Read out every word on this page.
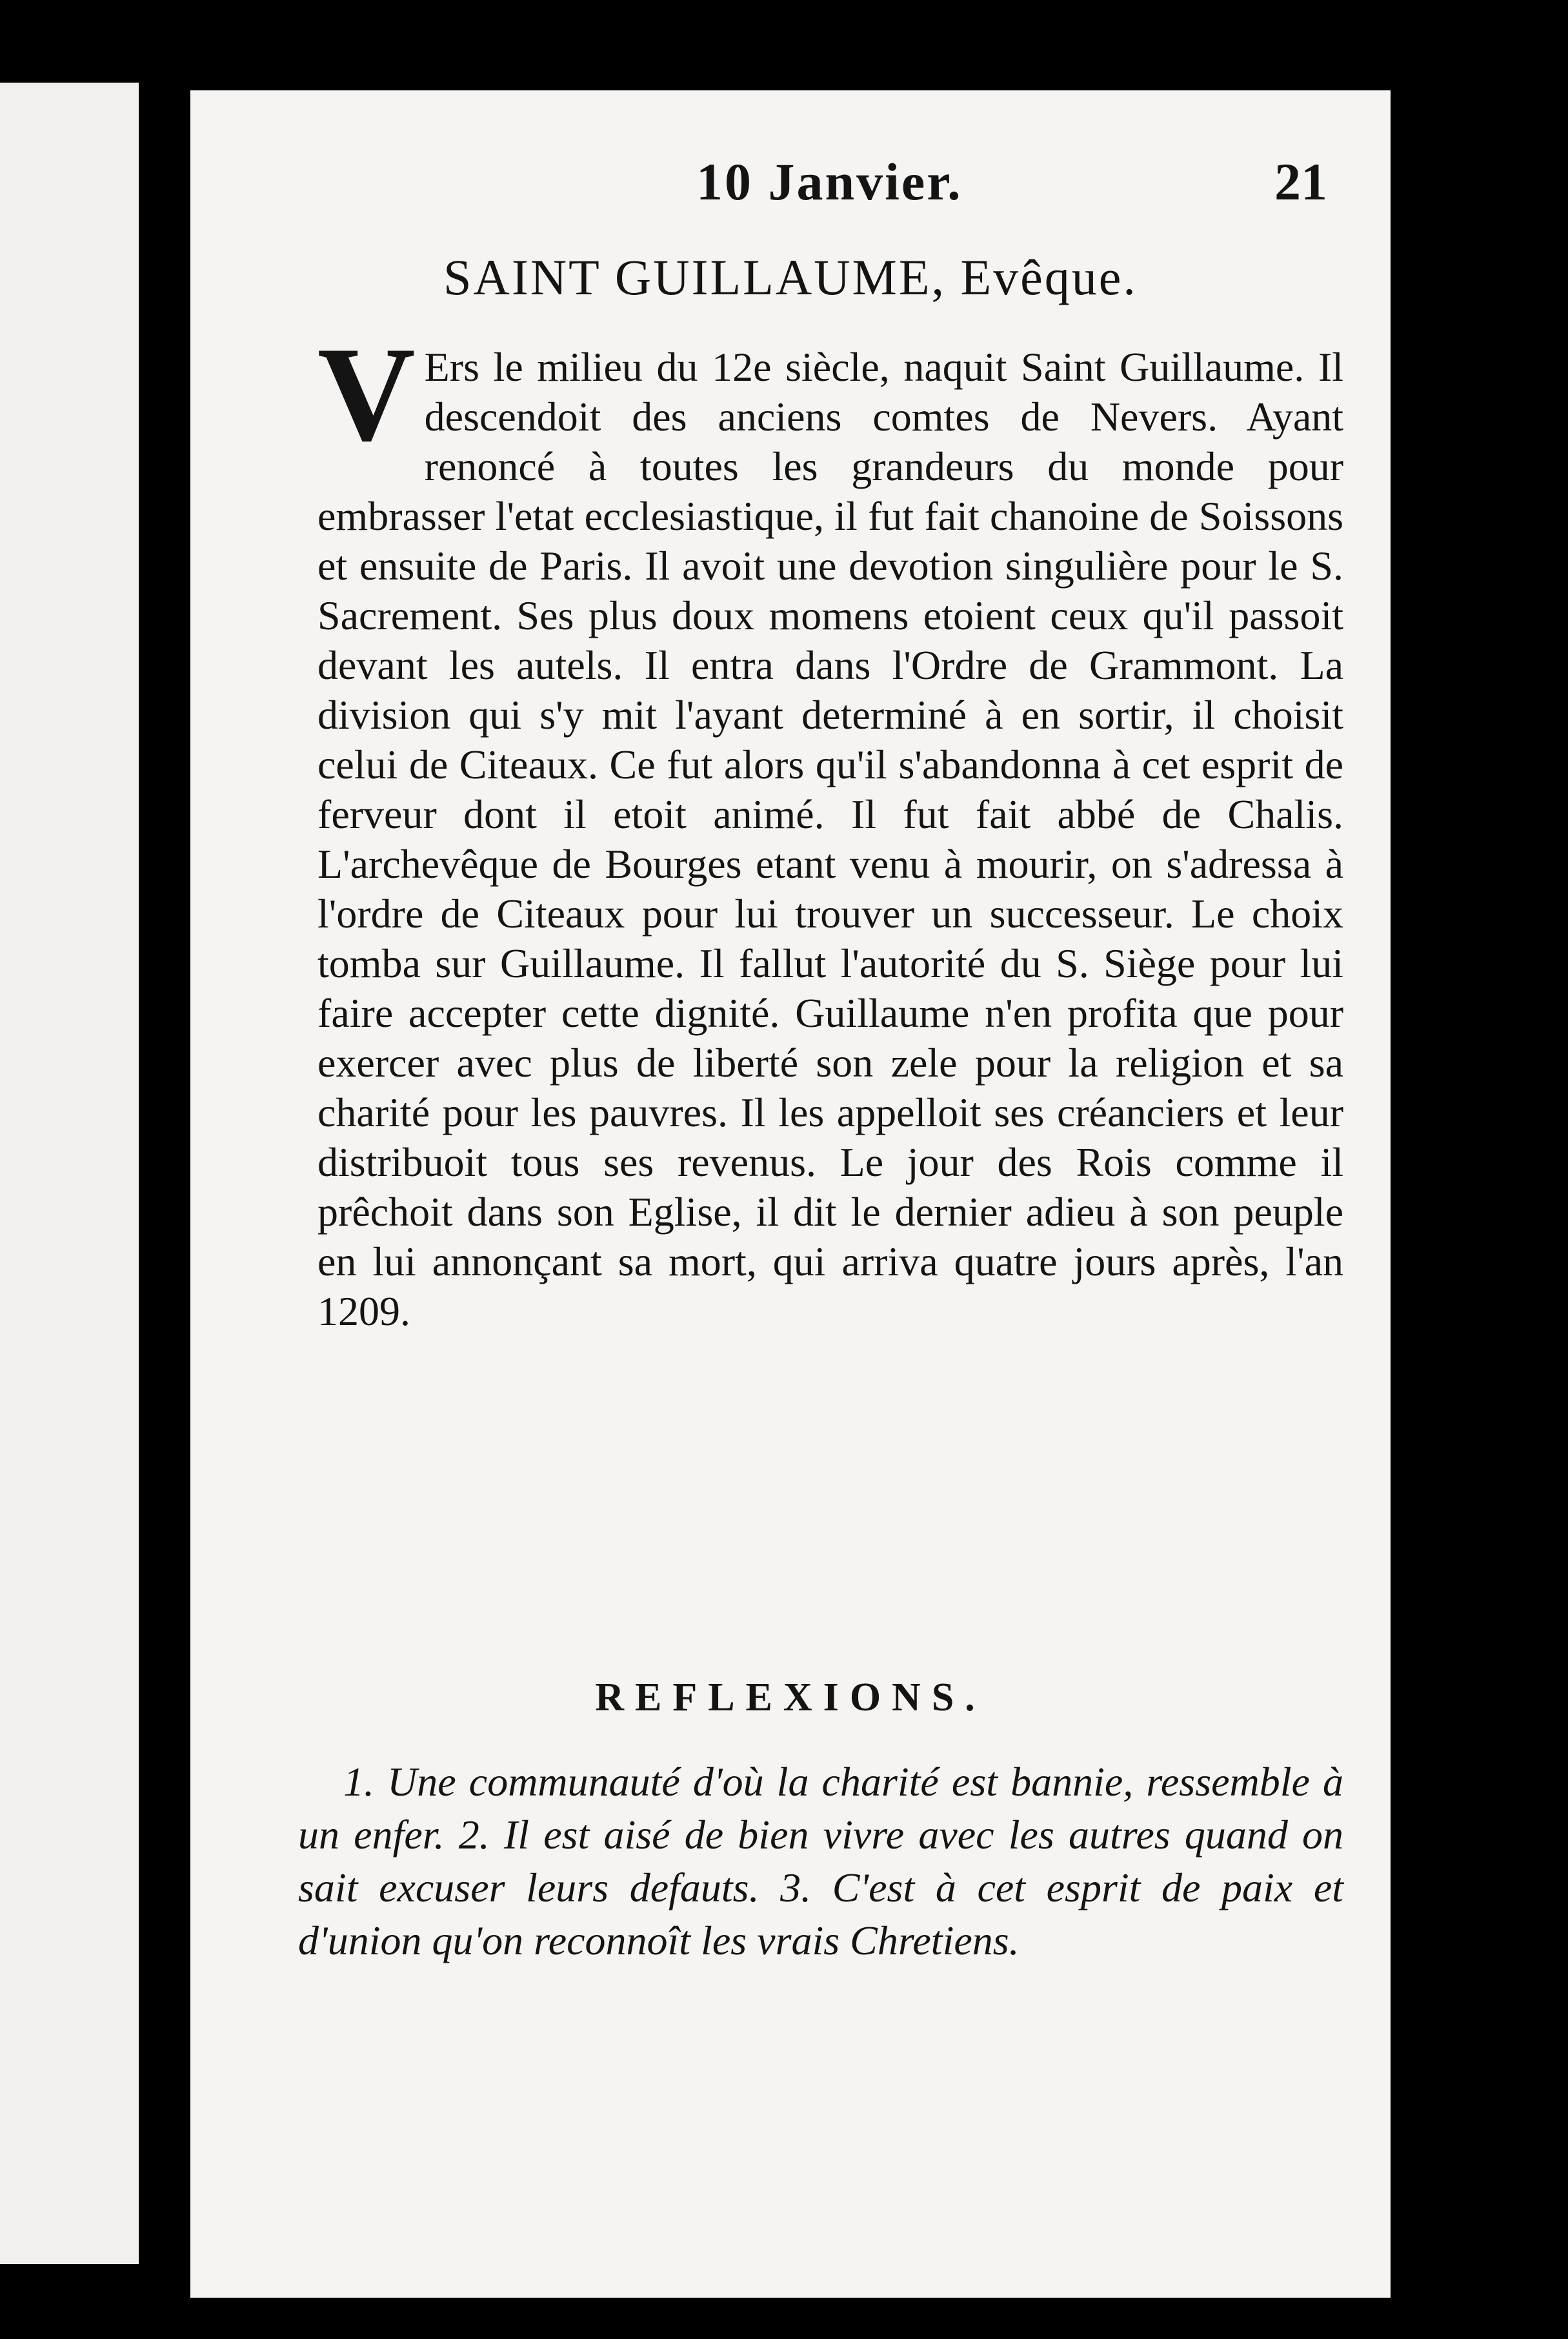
10 Janvier.	21
SAINT GUILLAUME, Evêque.

V Ers le milieu du 12e siècle, naquit Saint Guillaume. Il descendoit des anciens comtes de Nevers. Ayant renoncé à toutes les grandeurs du monde pour embrasser l'etat ecclesiastique, il fut fait chanoine de Soissons et ensuite de Paris. Il avoit une devotion singulière pour le S. Sacrement. Ses plus doux momens etoient ceux qu'il passoit devant les autels. Il entra dans l'Ordre de Grammont. La division qui s'y mit l'ayant determiné à en sortir, il choisit celui de Citeaux. Ce fut alors qu'il s'abandonna à cet esprit de ferveur dont il etoit animé. Il fut fait abbé de Chalis. L'archevêque de Bourges etant venu à mourir, on s'adressa à l'ordre de Citeaux pour lui trouver un successeur. Le choix tomba sur Guillaume. Il fallut l'autorité du S. Siège pour lui faire accepter cette dignité. Guillaume n'en profita que pour exercer avec plus de liberté son zele pour la religion et sa charité pour les pauvres. Il les appelloit ses créanciers et leur distribuoit tous ses revenus. Le jour des Rois comme il prêchoit dans son Eglise, il dit le dernier adieu à son peuple en lui annonçant sa mort, qui arriva quatre jours après, l'an 1209.

REFLEXIONS.

1. Une communauté d'où la charité est bannie, ressemble à un enfer. 2. Il est aisé de bien vivre avec les autres quand on sait excuser leurs defauts. 3. C'est à cet esprit de paix et d'union qu'on reconnoît les vrais Chretiens.
